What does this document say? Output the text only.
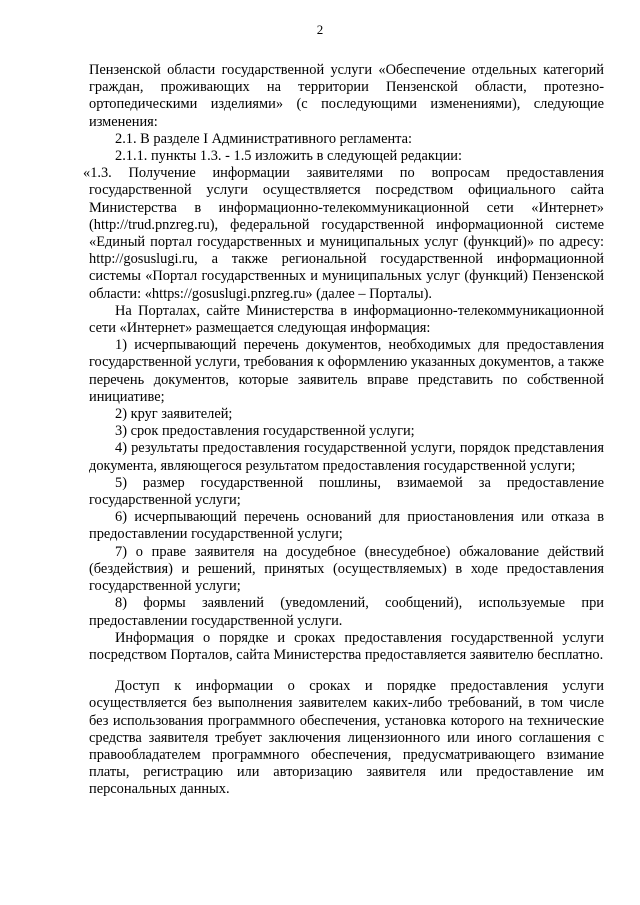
2

Пензенской области государственной услуги «Обеспечение отдельных категорий граждан, проживающих на территории Пензенской области, протезно-ортопедическими изделиями» (с последующими изменениями), следующие изменения:

2.1. В разделе I Административного регламента:

2.1.1. пункты 1.3. - 1.5 изложить в следующей редакции:

«1.3. Получение информации заявителями по вопросам предоставления государственной услуги осуществляется посредством официального сайта Министерства в информационно-телекоммуникационной сети «Интернет» (http://trud.pnzreg.ru), федеральной государственной информационной системе «Единый портал государственных и муниципальных услуг (функций)» по адресу: http://gosuslugi.ru, а также региональной государственной информационной системы «Портал государственных и муниципальных услуг (функций) Пензенской области: «https://gosuslugi.pnzreg.ru» (далее – Порталы).

На Порталах, сайте Министерства в информационно-телекоммуникационной сети «Интернет» размещается следующая информация:

1) исчерпывающий перечень документов, необходимых для предоставления государственной услуги, требования к оформлению указанных документов, а также перечень документов, которые заявитель вправе представить по собственной инициативе;

2) круг заявителей;

3) срок предоставления государственной услуги;

4) результаты предоставления государственной услуги, порядок представления документа, являющегося результатом предоставления государственной услуги;

5) размер государственной пошлины, взимаемой за предоставление государственной услуги;

6) исчерпывающий перечень оснований для приостановления или отказа в предоставлении государственной услуги;

7) о праве заявителя на досудебное (внесудебное) обжалование действий (бездействия) и решений, принятых (осуществляемых) в ходе предоставления государственной услуги;

8) формы заявлений (уведомлений, сообщений), используемые при предоставлении государственной услуги.

Информация о порядке и сроках предоставления государственной услуги посредством Порталов, сайта Министерства предоставляется заявителю бесплатно.

Доступ к информации о сроках и порядке предоставления услуги осуществляется без выполнения заявителем каких-либо требований, в том числе без использования программного обеспечения, установка которого на технические средства заявителя требует заключения лицензионного или иного соглашения с правообладателем программного обеспечения, предусматривающего взимание платы, регистрацию или авторизацию заявителя или предоставление им персональных данных.
